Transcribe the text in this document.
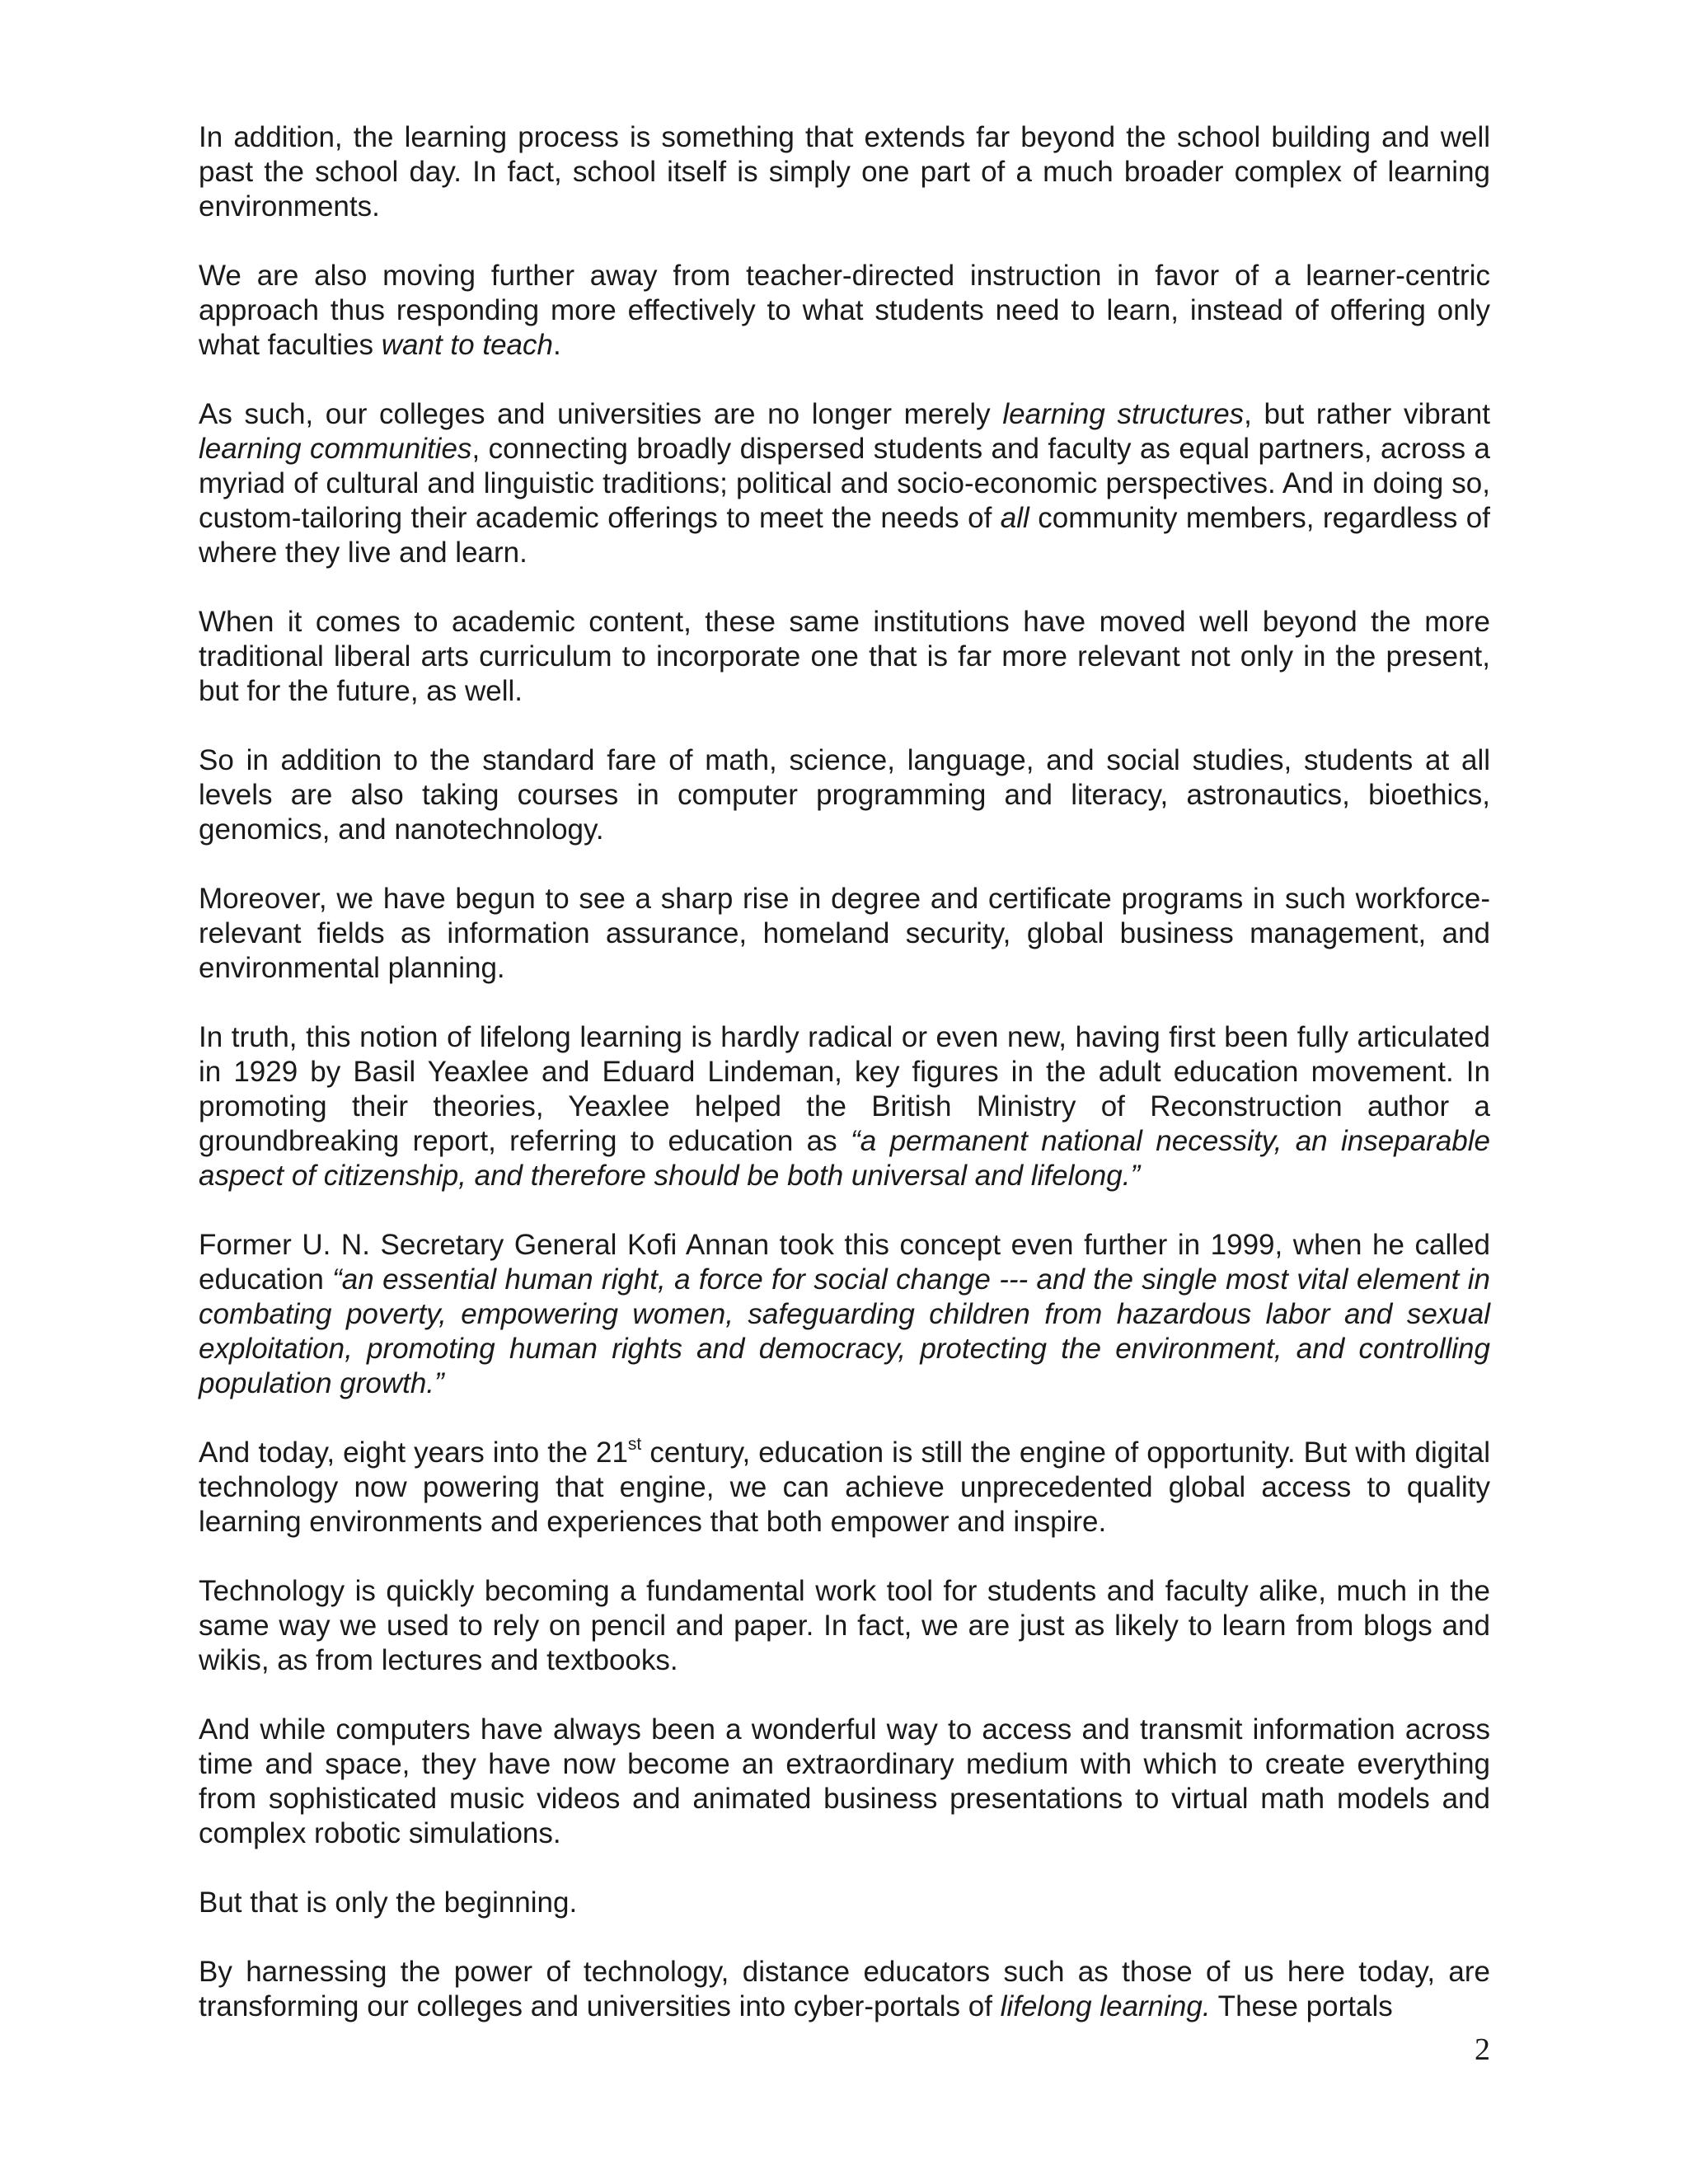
In addition, the learning process is something that extends far beyond the school building and well past the school day. In fact, school itself is simply one part of a much broader complex of learning environments.

We are also moving further away from teacher-directed instruction in favor of a learner-centric approach thus responding more effectively to what students need to learn, instead of offering only what faculties want to teach.

As such, our colleges and universities are no longer merely learning structures, but rather vibrant learning communities, connecting broadly dispersed students and faculty as equal partners, across a myriad of cultural and linguistic traditions; political and socio-economic perspectives. And in doing so, custom-tailoring their academic offerings to meet the needs of all community members, regardless of where they live and learn.

When it comes to academic content, these same institutions have moved well beyond the more traditional liberal arts curriculum to incorporate one that is far more relevant not only in the present, but for the future, as well.

So in addition to the standard fare of math, science, language, and social studies, students at all levels are also taking courses in computer programming and literacy, astronautics, bioethics, genomics, and nanotechnology.

Moreover, we have begun to see a sharp rise in degree and certificate programs in such workforce-relevant fields as information assurance, homeland security, global business management, and environmental planning.

In truth, this notion of lifelong learning is hardly radical or even new, having first been fully articulated in 1929 by Basil Yeaxlee and Eduard Lindeman, key figures in the adult education movement. In promoting their theories, Yeaxlee helped the British Ministry of Reconstruction author a groundbreaking report, referring to education as “a permanent national necessity, an inseparable aspect of citizenship, and therefore should be both universal and lifelong.”

Former U. N. Secretary General Kofi Annan took this concept even further in 1999, when he called education “an essential human right, a force for social change --- and the single most vital element in combating poverty, empowering women, safeguarding children from hazardous labor and sexual exploitation, promoting human rights and democracy, protecting the environment, and controlling population growth.”

And today, eight years into the 21st century, education is still the engine of opportunity. But with digital technology now powering that engine, we can achieve unprecedented global access to quality learning environments and experiences that both empower and inspire.

Technology is quickly becoming a fundamental work tool for students and faculty alike, much in the same way we used to rely on pencil and paper. In fact, we are just as likely to learn from blogs and wikis, as from lectures and textbooks.

And while computers have always been a wonderful way to access and transmit information across time and space, they have now become an extraordinary medium with which to create everything from sophisticated music videos and animated business presentations to virtual math models and complex robotic simulations.

But that is only the beginning.

By harnessing the power of technology, distance educators such as those of us here today, are transforming our colleges and universities into cyber-portals of lifelong learning. These portals

2
